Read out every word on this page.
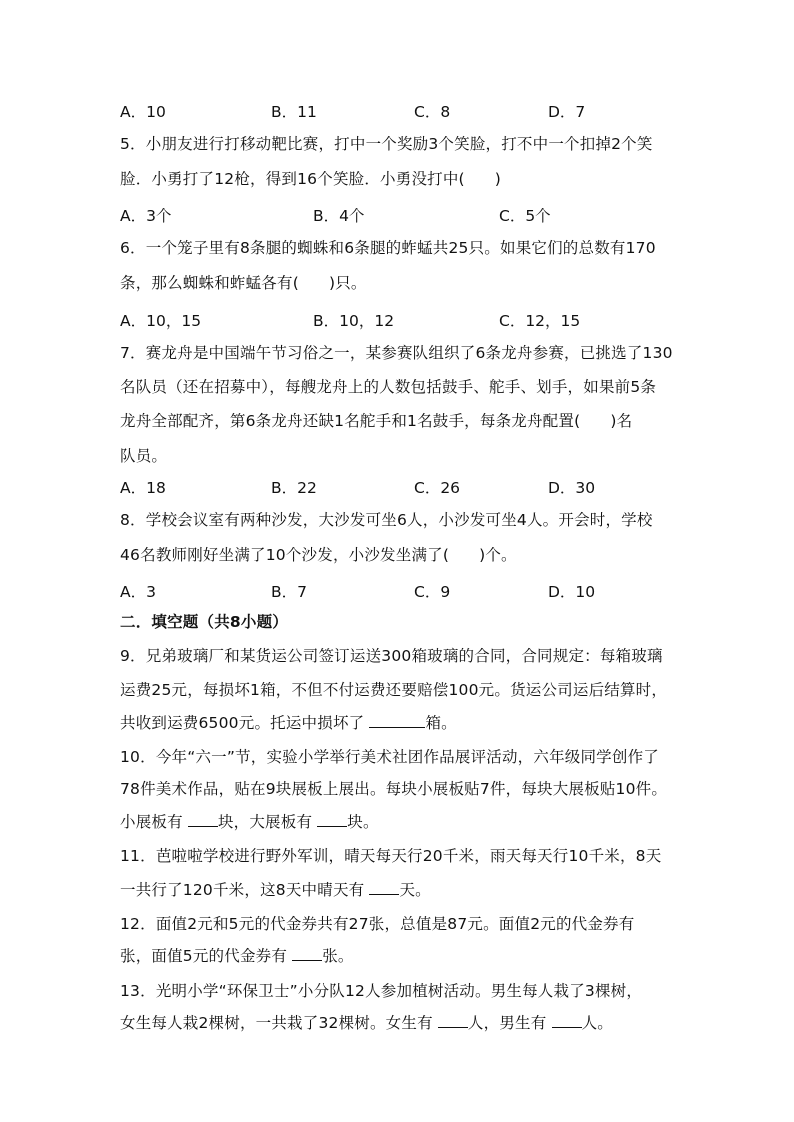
A．10	B．11	C．8	D．7
5．小朋友进行打移动靶比赛，打中一个奖励3个笑脸，打不中一个扣掉2个笑
脸．小勇打了12枪，得到16个笑脸．小勇没打中( )
A．3个	B．4个	C．5个
6．一个笼子里有8条腿的蜘蛛和6条腿的蚱蜢共25只。如果它们的总数有170
条，那么蜘蛛和蚱蜢各有( )只。
A．10，15	B．10，12	C．12，15
7．赛龙舟是中国端午节习俗之一，某参赛队组织了6条龙舟参赛，已挑选了130
名队员（还在招募中），每艘龙舟上的人数包括鼓手、舵手、划手，如果前5条
龙舟全部配齐，第6条龙舟还缺1名舵手和1名鼓手，每条龙舟配置( )名
队员。
A．18	B．22	C．26	D．30
8．学校会议室有两种沙发，大沙发可坐6人，小沙发可坐4人。开会时，学校
46名教师刚好坐满了10个沙发，小沙发坐满了( )个。
A．3	B．7	C．9	D．10
二．填空题（共8小题）
9．兄弟玻璃厂和某货运公司签订运送300箱玻璃的合同，合同规定：每箱玻璃
运费25元，每损坏1箱，不但不付运费还要赔偿100元。货运公司运后结算时，
共收到运费6500元。托运中损坏了	箱。
10．今年“六一”节，实验小学举行美术社团作品展评活动，六年级同学创作了
78件美术作品，贴在9块展板上展出。每块小展板贴7件，每块大展板贴10件。
小展板有 块，大展板有 块。
11．芭啦啦学校进行野外军训，晴天每天行20千米，雨天每天行10千米，8天
一共行了120千米，这8天中晴天有 天。
12．面值2元和5元的代金券共有27张，总值是87元。面值2元的代金券有
张，面值5元的代金券有 张。
13．光明小学“环保卫士”小分队12人参加植树活动。男生每人栽了3棵树，
女生每人栽2棵树，一共栽了32棵树。女生有 人，男生有 人。
